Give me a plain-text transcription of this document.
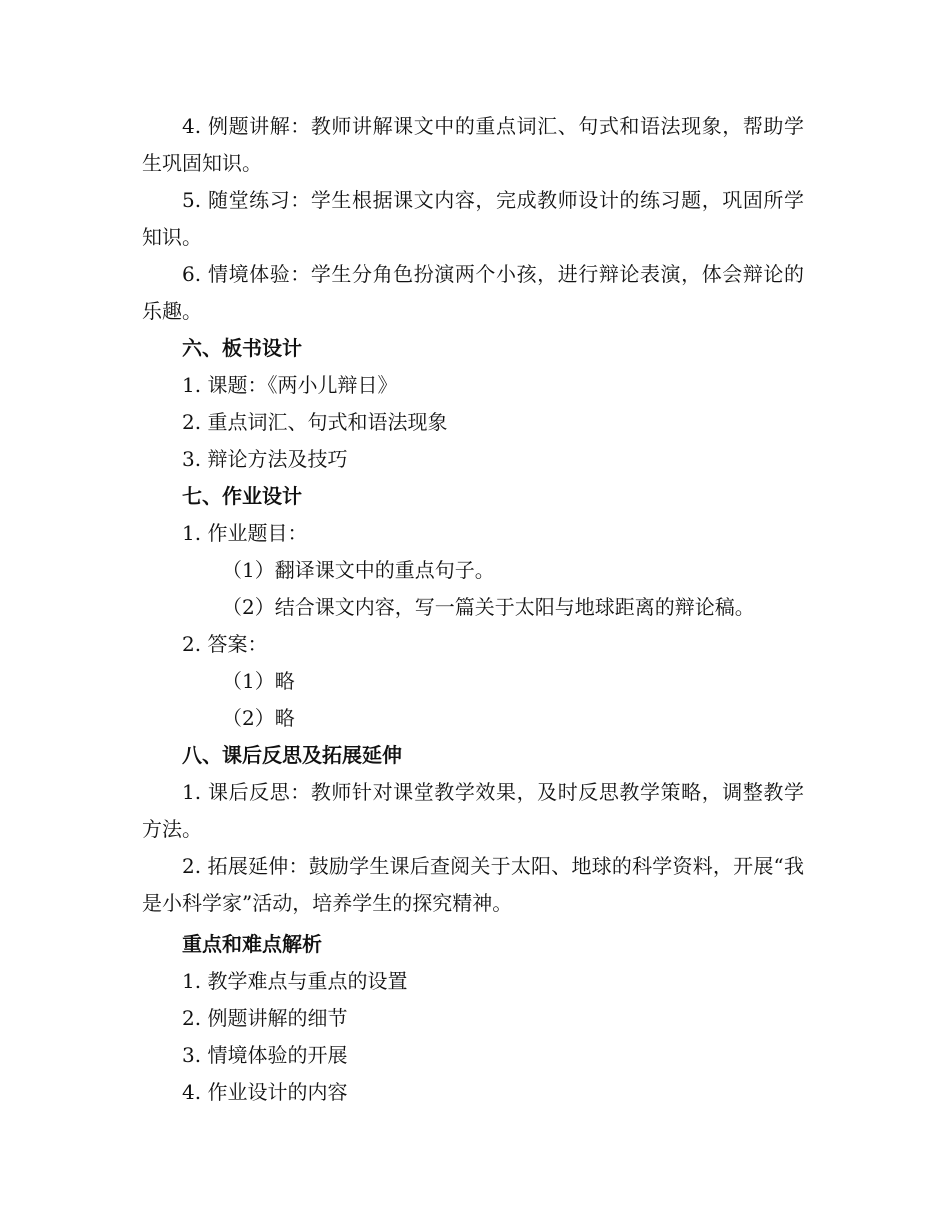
4. 例题讲解：教师讲解课文中的重点词汇、句式和语法现象，帮助学生巩固知识。

5. 随堂练习：学生根据课文内容，完成教师设计的练习题，巩固所学知识。

6. 情境体验：学生分角色扮演两个小孩，进行辩论表演，体会辩论的乐趣。

六、板书设计

1. 课题：《两小儿辩日》

2. 重点词汇、句式和语法现象

3. 辩论方法及技巧

七、作业设计

1. 作业题目：

（1）翻译课文中的重点句子。

（2）结合课文内容，写一篇关于太阳与地球距离的辩论稿。

2. 答案：

（1）略

（2）略

八、课后反思及拓展延伸

1. 课后反思：教师针对课堂教学效果，及时反思教学策略，调整教学方法。

2. 拓展延伸：鼓励学生课后查阅关于太阳、地球的科学资料，开展“我是小科学家”活动，培养学生的探究精神。

重点和难点解析

1. 教学难点与重点的设置

2. 例题讲解的细节

3. 情境体验的开展

4. 作业设计的内容
